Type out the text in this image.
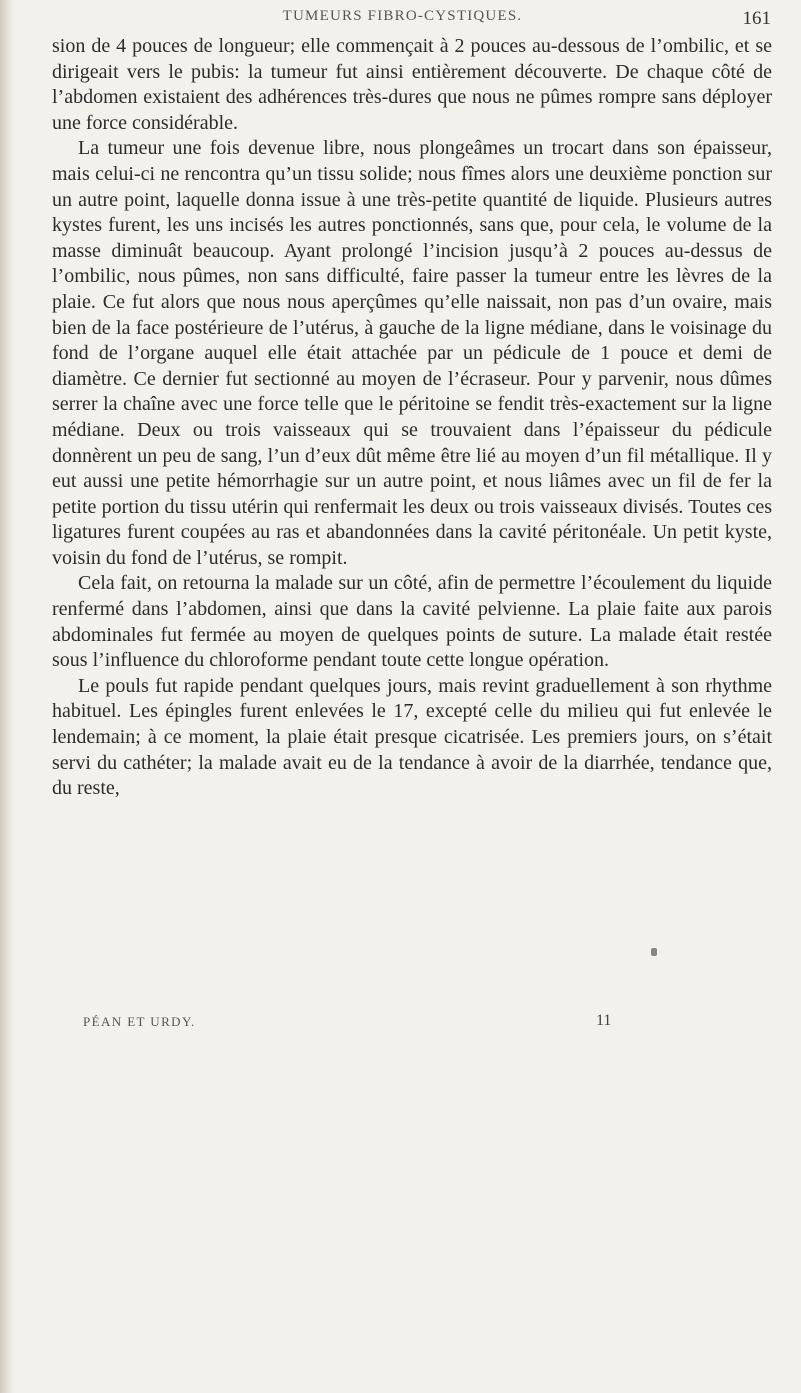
TUMEURS FIBRO-CYSTIQUES.	161

sion de 4 pouces de longueur; elle commençait à 2 pouces au-dessous de l’ombilic, et se dirigeait vers le pubis: la tumeur fut ainsi entièrement découverte. De chaque côté de l’abdomen existaient des adhérences très-dures que nous ne pûmes rompre sans déployer une force considérable.

La tumeur une fois devenue libre, nous plongeâmes un trocart dans son épaisseur, mais celui-ci ne rencontra qu’un tissu solide; nous fîmes alors une deuxième ponction sur un autre point, laquelle donna issue à une très-petite quantité de liquide. Plusieurs autres kystes furent, les uns incisés les autres ponctionnés, sans que, pour cela, le volume de la masse diminuât beaucoup. Ayant prolongé l’incision jusqu’à 2 pouces au-dessus de l’ombilic, nous pûmes, non sans difficulté, faire passer la tumeur entre les lèvres de la plaie. Ce fut alors que nous nous aperçûmes qu’elle naissait, non pas d’un ovaire, mais bien de la face postérieure de l’utérus, à gauche de la ligne médiane, dans le voisinage du fond de l’organe auquel elle était attachée par un pédicule de 1 pouce et demi de diamètre. Ce dernier fut sectionné au moyen de l’écraseur. Pour y parvenir, nous dûmes serrer la chaîne avec une force telle que le péritoine se fendit très-exactement sur la ligne médiane. Deux ou trois vaisseaux qui se trouvaient dans l’épaisseur du pédicule donnèrent un peu de sang, l’un d’eux dût même être lié au moyen d’un fil métallique. Il y eut aussi une petite hémorrhagie sur un autre point, et nous liâmes avec un fil de fer la petite portion du tissu utérin qui renfermait les deux ou trois vaisseaux divisés. Toutes ces ligatures furent coupées au ras et abandonnées dans la cavité péritonéale. Un petit kyste, voisin du fond de l’utérus, se rompit.

Cela fait, on retourna la malade sur un côté, afin de permettre l’écoulement du liquide renfermé dans l’abdomen, ainsi que dans la cavité pelvienne. La plaie faite aux parois abdominales fut fermée au moyen de quelques points de suture. La malade était restée sous l’influence du chloroforme pendant toute cette longue opération.

Le pouls fut rapide pendant quelques jours, mais revint graduellement à son rhythme habituel. Les épingles furent enlevées le 17, excepté celle du milieu qui fut enlevée le lendemain; à ce moment, la plaie était presque cicatrisée. Les premiers jours, on s’était servi du cathéter; la malade avait eu de la tendance à avoir de la diarrhée, tendance que, du reste,

PÉAN ET URDY.	11
